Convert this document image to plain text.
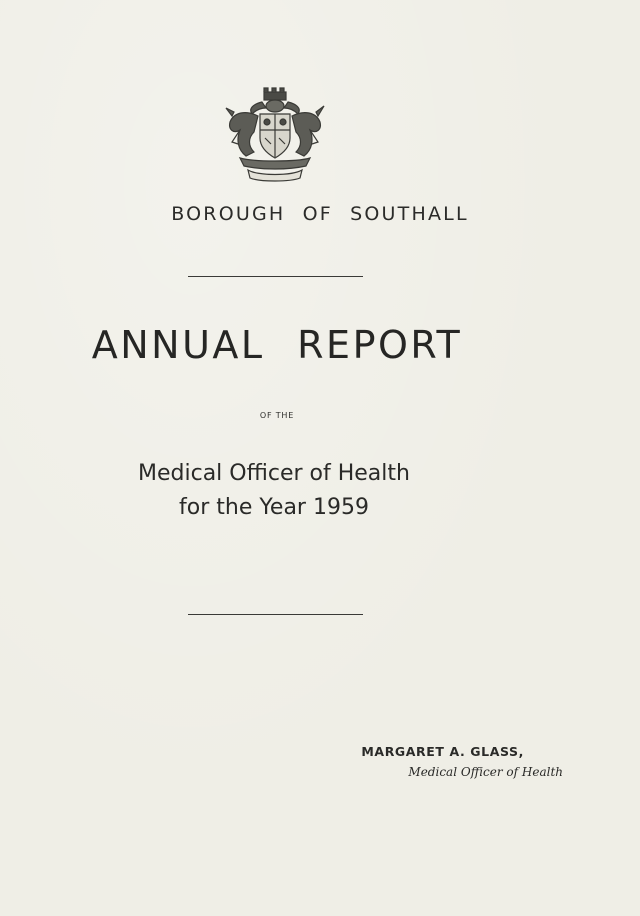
BOROUGH OF SOUTHALL
ANNUAL REPORT
OF THE
Medical Officer of Health
for the Year 1959
MARGARET A. GLASS,
Medical Officer of Health
